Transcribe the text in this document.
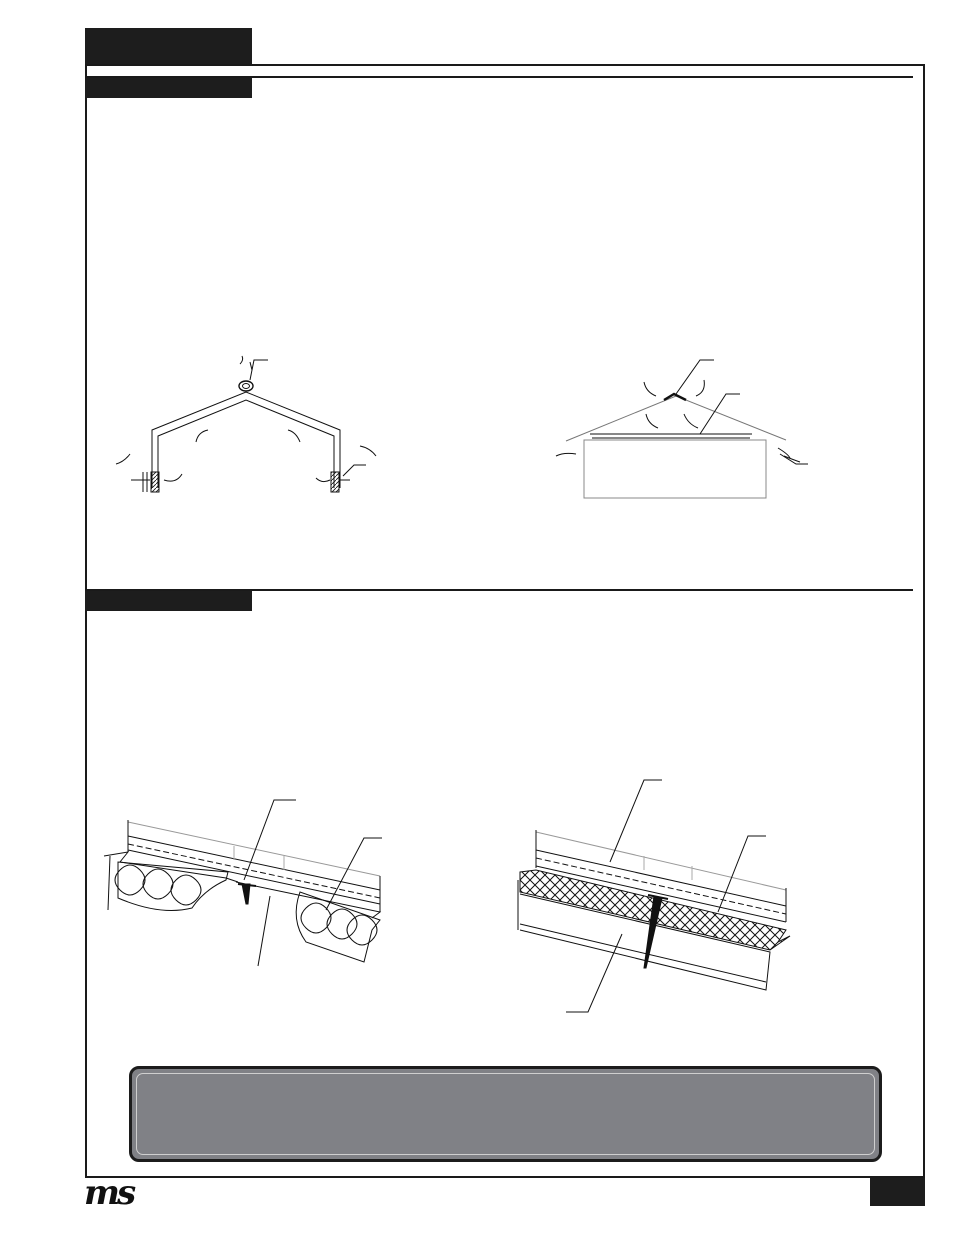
ms
